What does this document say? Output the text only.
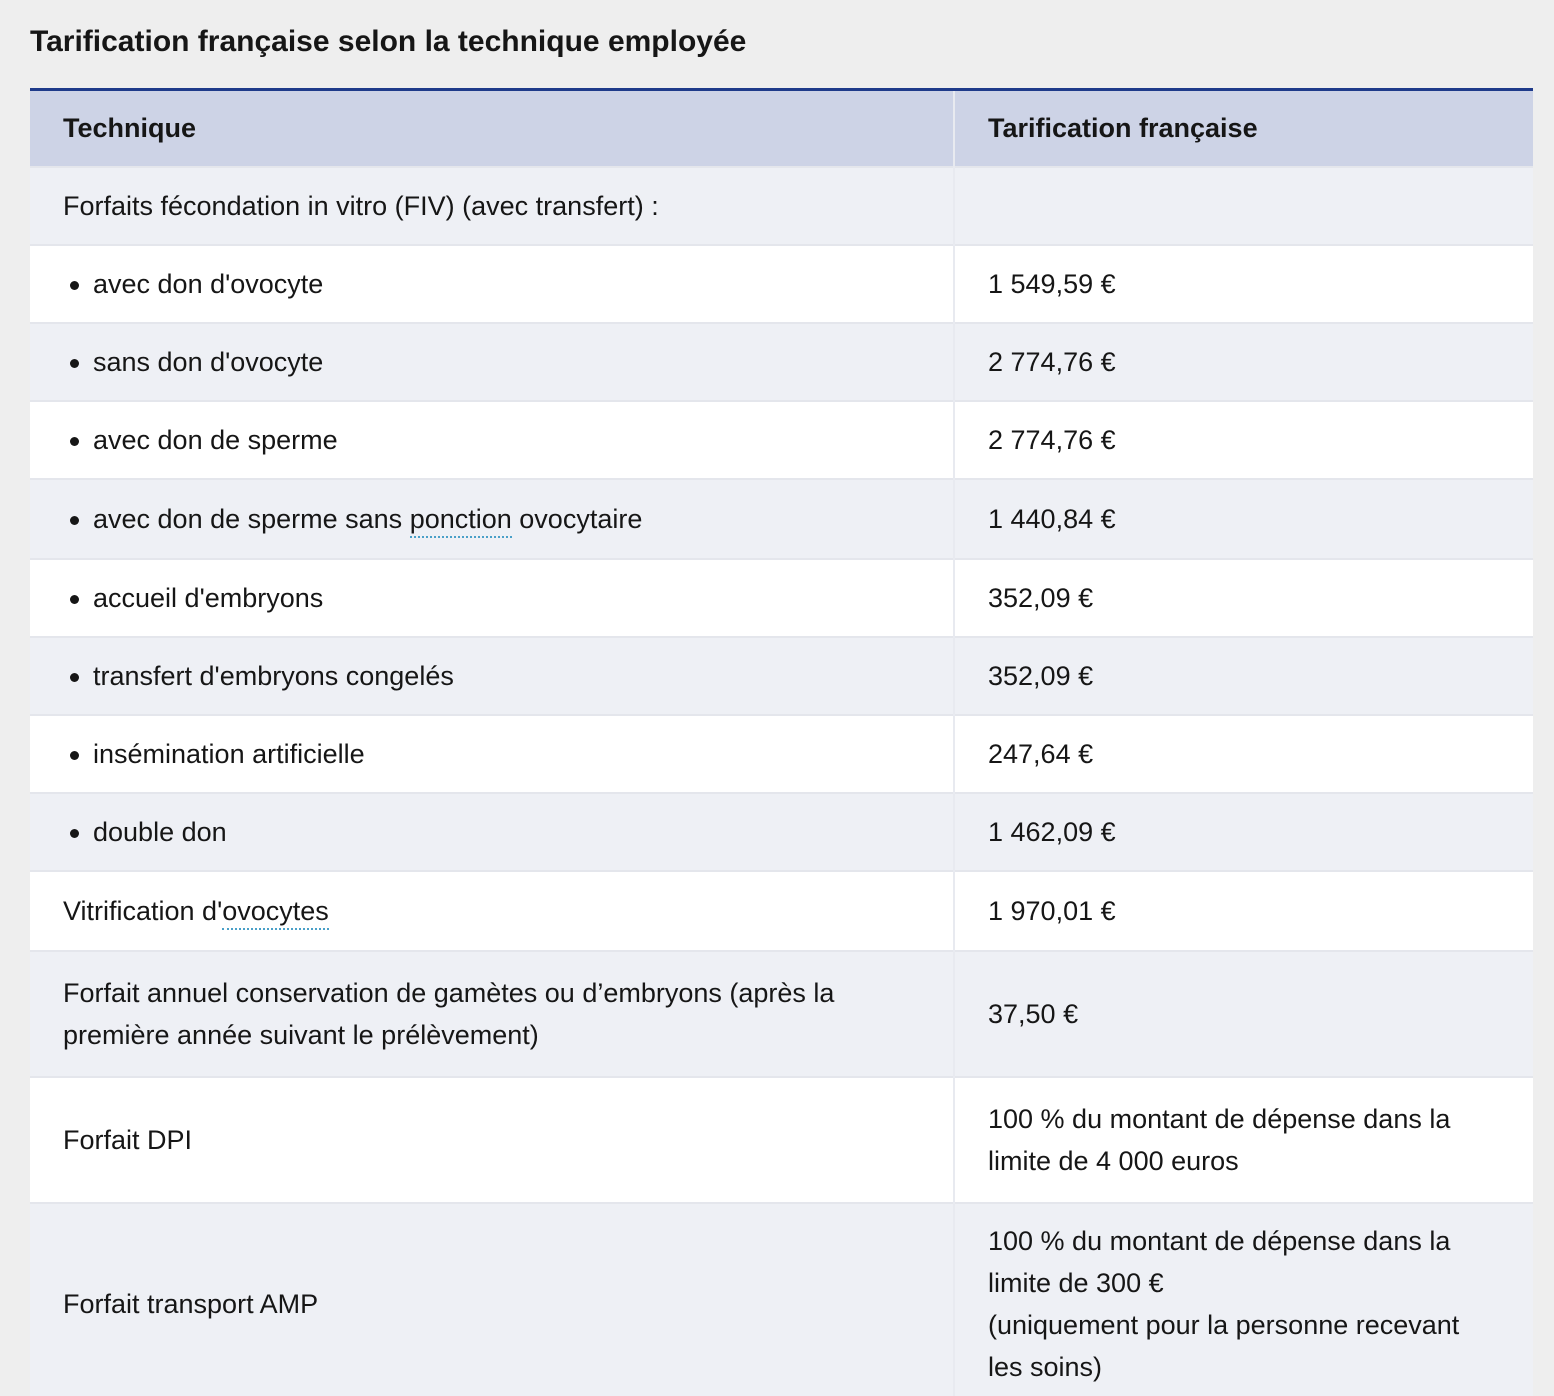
Tarification française selon la technique employée
Technique	Tarification française
Forfaits fécondation in vitro (FIV) (avec transfert) :	
avec don d'ovocyte	1 549,59 €
sans don d'ovocyte	2 774,76 €
avec don de sperme	2 774,76 €
avec don de sperme sans ponction ovocytaire	1 440,84 €
accueil d'embryons	352,09 €
transfert d'embryons congelés	352,09 €
insémination artificielle	247,64 €
double don	1 462,09 €
Vitrification d'ovocytes	1 970,01 €
Forfait annuel conservation de gamètes ou d’embryons (après la première année suivant le prélèvement)	37,50 €
Forfait DPI	100 % du montant de dépense dans la limite de 4 000 euros
Forfait transport AMP	100 % du montant de dépense dans la limite de 300 €
(uniquement pour la personne recevant les soins)
